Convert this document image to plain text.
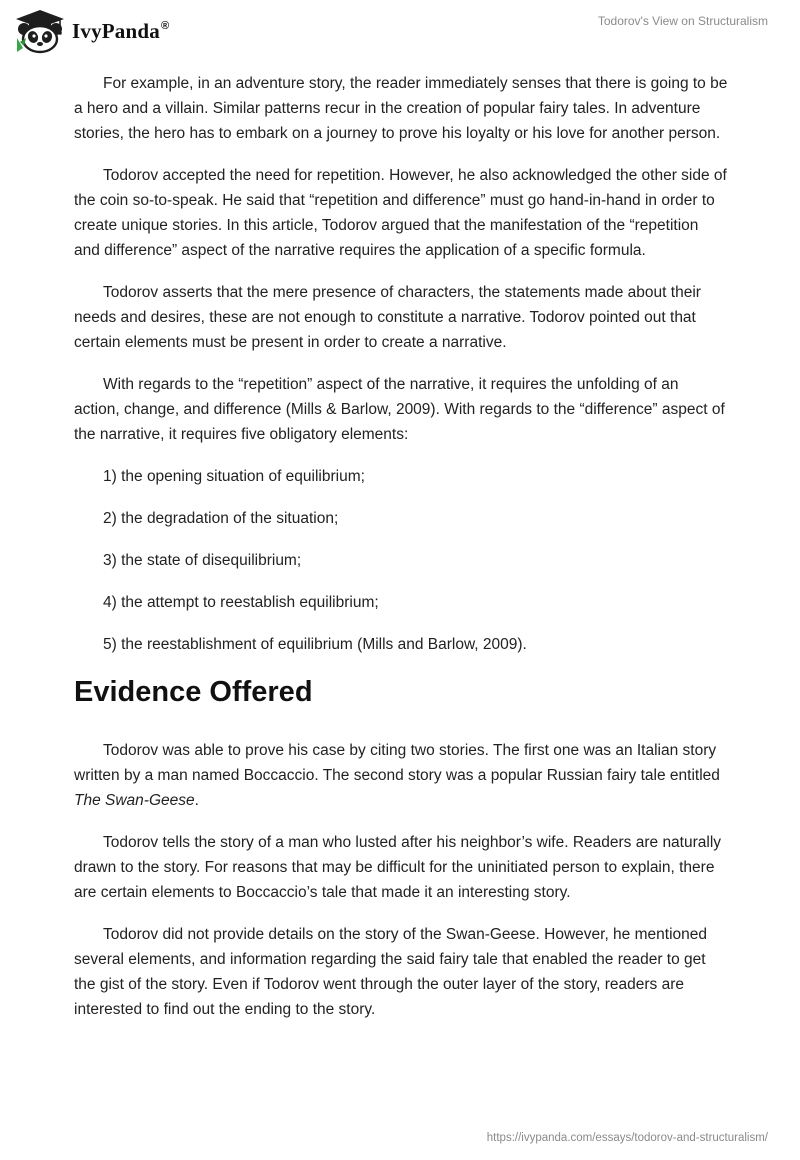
IvyPanda®	Todorov's View on Structuralism

For example, in an adventure story, the reader immediately senses that there is going to be a hero and a villain. Similar patterns recur in the creation of popular fairy tales. In adventure stories, the hero has to embark on a journey to prove his loyalty or his love for another person.

Todorov accepted the need for repetition. However, he also acknowledged the other side of the coin so-to-speak. He said that “repetition and difference” must go hand-in-hand in order to create unique stories. In this article, Todorov argued that the manifestation of the “repetition and difference” aspect of the narrative requires the application of a specific formula.

Todorov asserts that the mere presence of characters, the statements made about their needs and desires, these are not enough to constitute a narrative. Todorov pointed out that certain elements must be present in order to create a narrative.

With regards to the “repetition” aspect of the narrative, it requires the unfolding of an action, change, and difference (Mills & Barlow, 2009). With regards to the “difference” aspect of the narrative, it requires five obligatory elements:

1) the opening situation of equilibrium;

2) the degradation of the situation;

3) the state of disequilibrium;

4) the attempt to reestablish equilibrium;

5) the reestablishment of equilibrium (Mills and Barlow, 2009).

Evidence Offered

Todorov was able to prove his case by citing two stories. The first one was an Italian story written by a man named Boccaccio. The second story was a popular Russian fairy tale entitled The Swan-Geese.

Todorov tells the story of a man who lusted after his neighbor’s wife. Readers are naturally drawn to the story. For reasons that may be difficult for the uninitiated person to explain, there are certain elements to Boccaccio’s tale that made it an interesting story.

Todorov did not provide details on the story of the Swan-Geese. However, he mentioned several elements, and information regarding the said fairy tale that enabled the reader to get the gist of the story. Even if Todorov went through the outer layer of the story, readers are interested to find out the ending to the story.

https://ivypanda.com/essays/todorov-and-structuralism/
